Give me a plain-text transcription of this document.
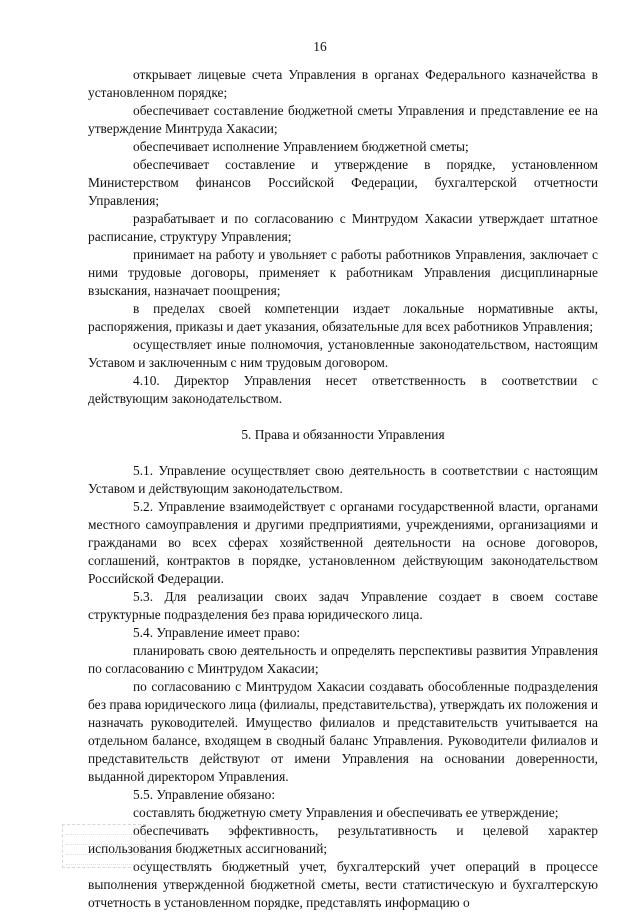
16

открывает лицевые счета Управления в органах Федерального казначейства в установленном порядке;

обеспечивает составление бюджетной сметы Управления и представление ее на утверждение Минтруда Хакасии;

обеспечивает исполнение Управлением бюджетной сметы;

обеспечивает составление и утверждение в порядке, установленном Министерством финансов Российской Федерации, бухгалтерской отчетности Управления;

разрабатывает и по согласованию с Минтрудом Хакасии утверждает штатное расписание, структуру Управления;

принимает на работу и увольняет с работы работников Управления, заключает с ними трудовые договоры, применяет к работникам Управления дисциплинарные взыскания, назначает поощрения;

в пределах своей компетенции издает локальные нормативные акты, распоряжения, приказы и дает указания, обязательные для всех работников Управления;

осуществляет иные полномочия, установленные законодательством, настоящим Уставом и заключенным с ним трудовым договором.

4.10. Директор Управления несет ответственность в соответствии с действующим законодательством.

5. Права и обязанности Управления

5.1. Управление осуществляет свою деятельность в соответствии с настоящим Уставом и действующим законодательством.

5.2. Управление взаимодействует с органами государственной власти, органами местного самоуправления и другими предприятиями, учреждениями, организациями и гражданами во всех сферах хозяйственной деятельности на основе договоров, соглашений, контрактов в порядке, установленном действующим законодательством Российской Федерации.

5.3. Для реализации своих задач Управление создает в своем составе структурные подразделения без права юридического лица.

5.4. Управление имеет право:

планировать свою деятельность и определять перспективы развития Управления по согласованию с Минтрудом Хакасии;

по согласованию с Минтрудом Хакасии создавать обособленные подразделения без права юридического лица (филиалы, представительства), утверждать их положения и назначать руководителей. Имущество филиалов и представительств учитывается на отдельном балансе, входящем в сводный баланс Управления. Руководители филиалов и представительств действуют от имени Управления на основании доверенности, выданной директором Управления.

5.5. Управление обязано:

составлять бюджетную смету Управления и обеспечивать ее утверждение;

обеспечивать эффективность, результативность и целевой характер использования бюджетных ассигнований;

осуществлять бюджетный учет, бухгалтерский учет операций в процессе выполнения утвержденной бюджетной сметы, вести статистическую и бухгалтерскую отчетность в установленном порядке, представлять информацию о
